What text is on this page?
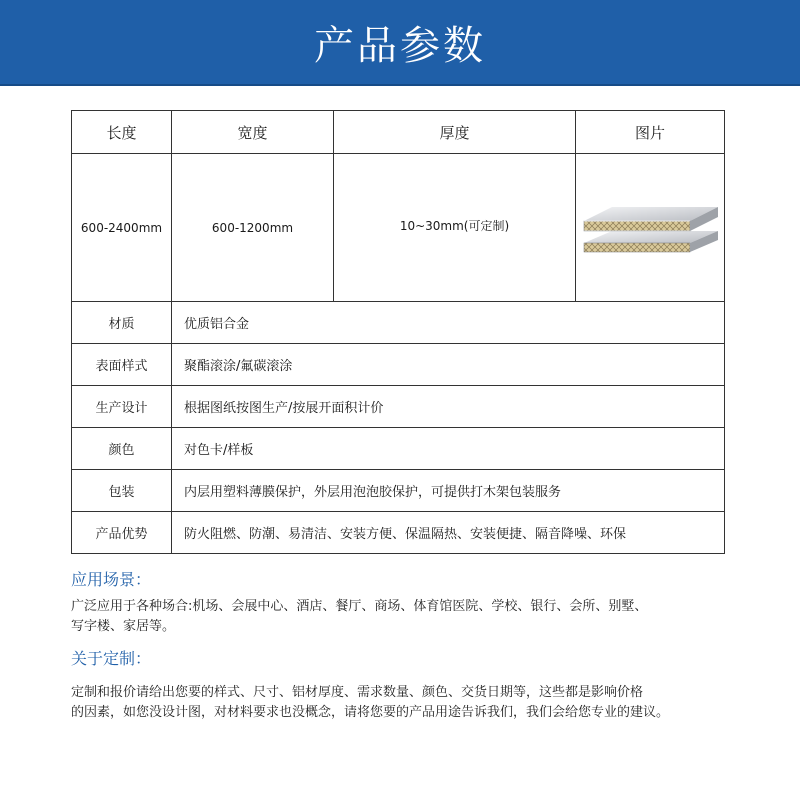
产品参数
长度	宽度	厚度	图片
600-2400mm	600-1200mm	10~30mm(可定制)	

材质	优质铝合金		
表面样式	聚酯滚涂/氟碳滚涂		
生产设计	根据图纸按图生产/按展开面积计价		
颜色	对色卡/样板		
包装	内层用塑料薄膜保护，外层用泡泡胶保护，可提供打木架包装服务		
产品优势	防火阻燃、防潮、易清洁、安装方便、保温隔热、安装便捷、隔音降噪、环保		
应用场景：
广泛应用于各种场合:机场、会展中心、酒店、餐厅、商场、体育馆医院、学校、银行、会所、别墅、
写字楼、家居等。
关于定制：
定制和报价请给出您要的样式、尺寸、铝材厚度、需求数量、颜色、交货日期等，这些都是影响价格
的因素，如您没设计图，对材料要求也没概念，请将您要的产品用途告诉我们，我们会给您专业的建议。
